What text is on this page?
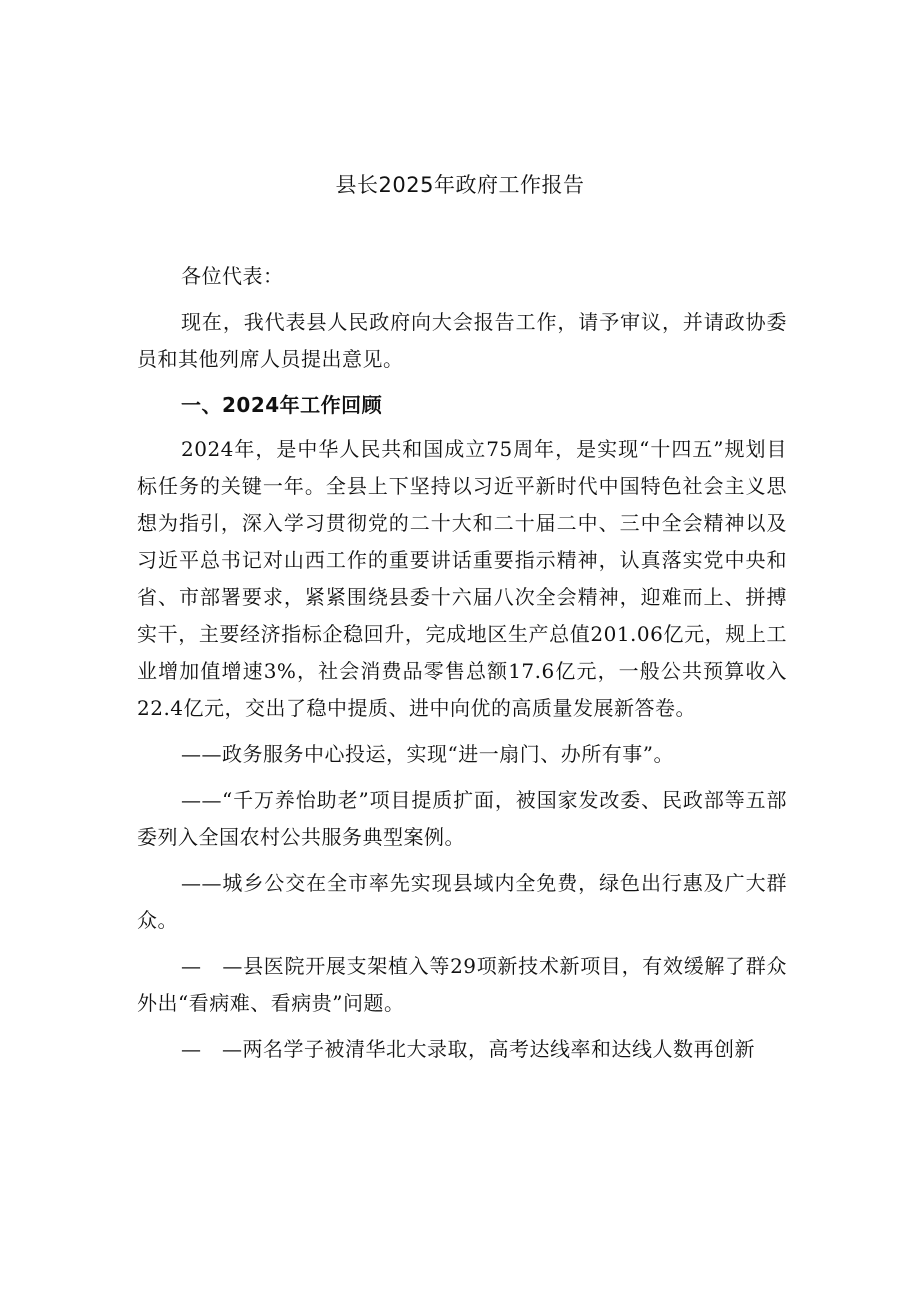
县长2025年政府工作报告

各位代表：

现在，我代表县人民政府向大会报告工作，请予审议，并请政协委员和其他列席人员提出意见。

一、2024年工作回顾

2024年，是中华人民共和国成立75周年，是实现“十四五”规划目标任务的关键一年。全县上下坚持以习近平新时代中国特色社会主义思想为指引，深入学习贯彻党的二十大和二十届二中、三中全会精神以及习近平总书记对山西工作的重要讲话重要指示精神，认真落实党中央和省、市部署要求，紧紧围绕县委十六届八次全会精神，迎难而上、拼搏实干，主要经济指标企稳回升，完成地区生产总值201.06亿元，规上工业增加值增速3%，社会消费品零售总额17.6亿元，一般公共预算收入22.4亿元，交出了稳中提质、进中向优的高质量发展新答卷。

——政务服务中心投运，实现“进一扇门、办所有事”。

——“千万养怡助老”项目提质扩面，被国家发改委、民政部等五部委列入全国农村公共服务典型案例。

——城乡公交在全市率先实现县域内全免费，绿色出行惠及广大群众。

—　—县医院开展支架植入等29项新技术新项目，有效缓解了群众外出“看病难、看病贵”问题。

—　—两名学子被清华北大录取，高考达线率和达线人数再创新
